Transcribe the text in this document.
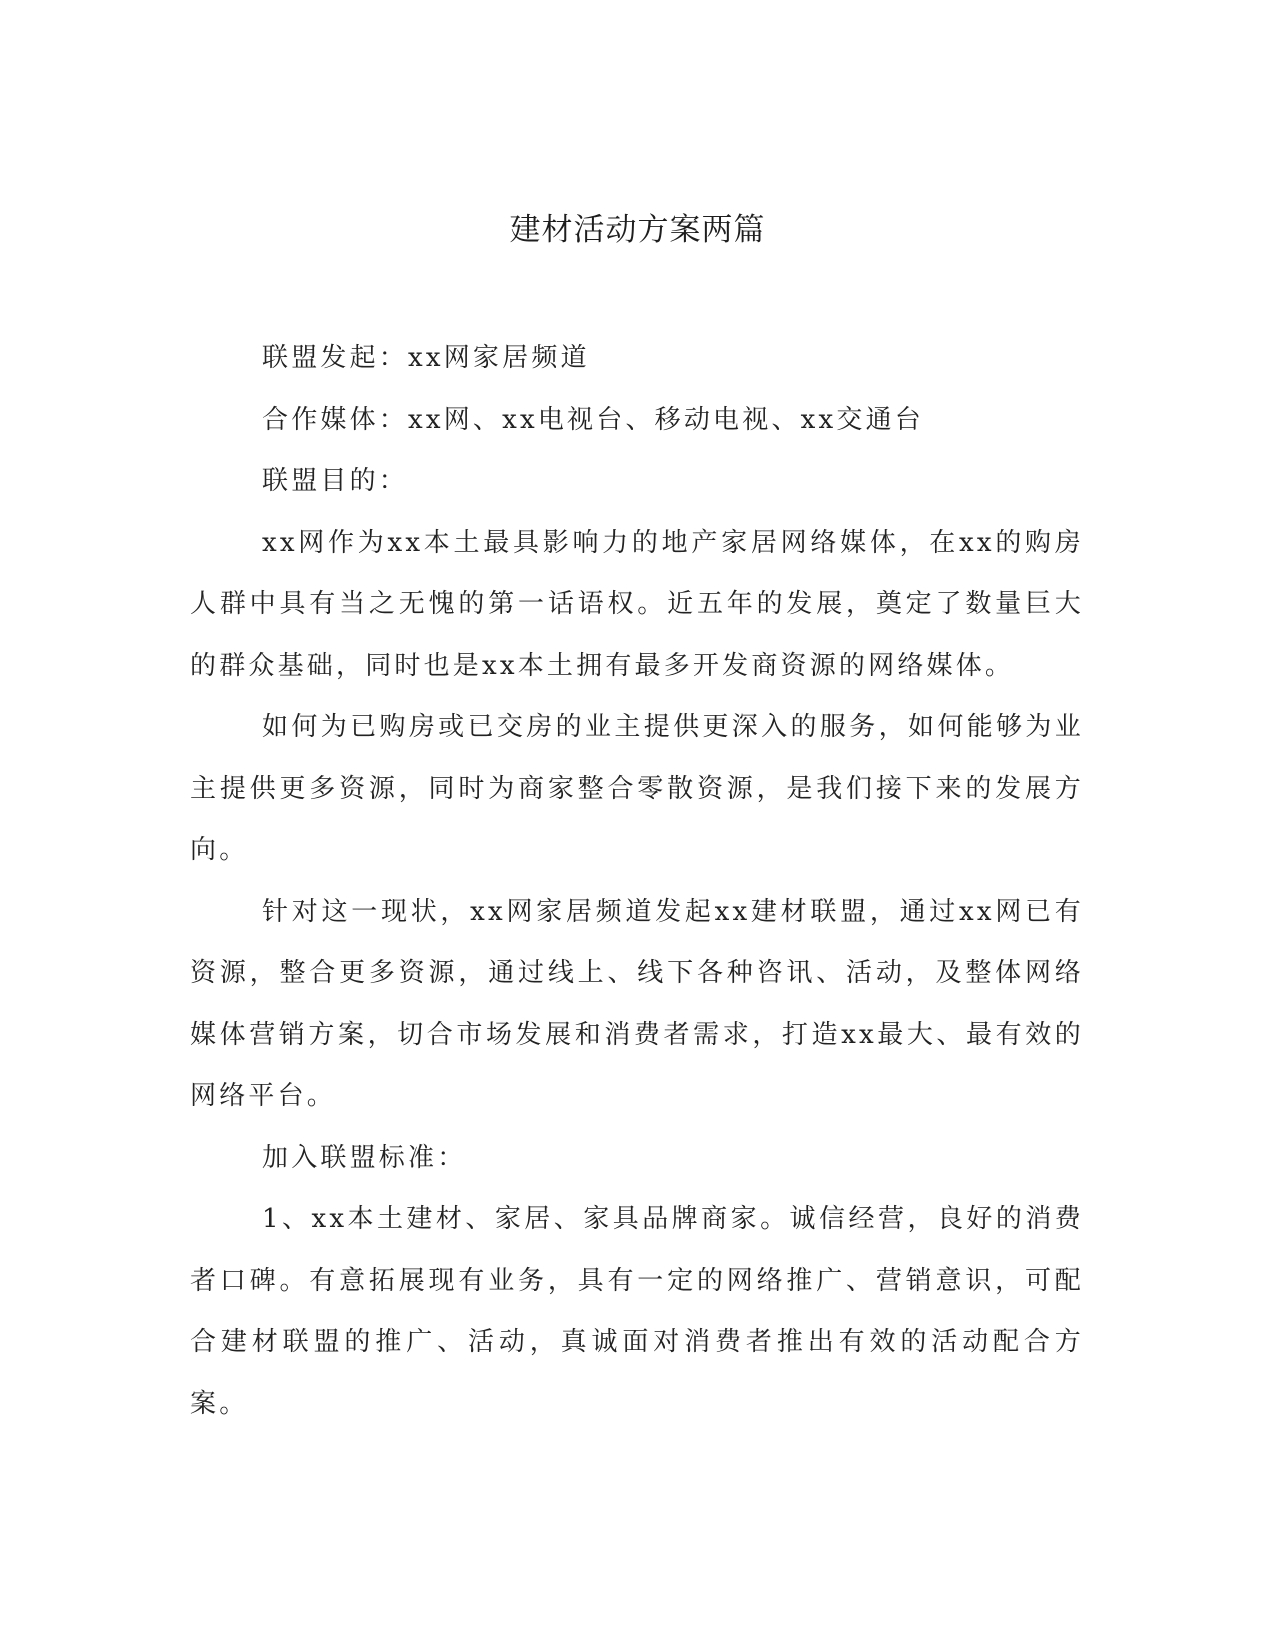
建材活动方案两篇

联盟发起：xx网家居频道

合作媒体：xx网、xx电视台、移动电视、xx交通台

联盟目的：

xx网作为xx本土最具影响力的地产家居网络媒体，在xx的购房人群中具有当之无愧的第一话语权。近五年的发展，奠定了数量巨大的群众基础，同时也是xx本土拥有最多开发商资源的网络媒体。

如何为已购房或已交房的业主提供更深入的服务，如何能够为业主提供更多资源，同时为商家整合零散资源，是我们接下来的发展方向。

针对这一现状，xx网家居频道发起xx建材联盟，通过xx网已有资源，整合更多资源，通过线上、线下各种咨讯、活动，及整体网络媒体营销方案，切合市场发展和消费者需求，打造xx最大、最有效的网络平台。

加入联盟标准：

1、xx本土建材、家居、家具品牌商家。诚信经营，良好的消费者口碑。有意拓展现有业务，具有一定的网络推广、营销意识，可配合建材联盟的推广、活动，真诚面对消费者推出有效的活动配合方案。
